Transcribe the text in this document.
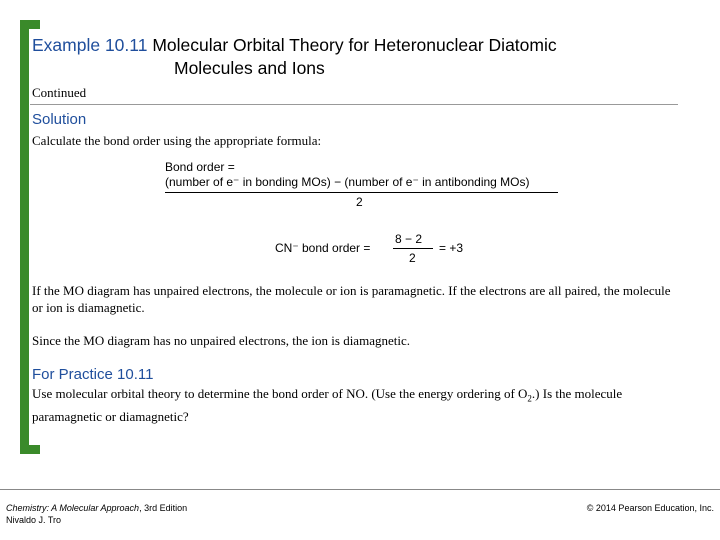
Example 10.11 Molecular Orbital Theory for Heteronuclear Diatomic
Molecules and Ions
Continued
Solution
Calculate the bond order using the appropriate formula:
Bond order =
(number of e⁻ in bonding MOs) − (number of e⁻ in antibonding MOs)
2
CN⁻ bond order =
8 − 2
2
= +3
If the MO diagram has unpaired electrons, the molecule or ion is paramagnetic. If the electrons are all paired, the molecule or ion is diamagnetic.
Since the MO diagram has no unpaired electrons, the ion is diamagnetic.
For Practice 10.11
Use molecular orbital theory to determine the bond order of NO. (Use the energy ordering of $O_2$.) Is the molecule paramagnetic or diamagnetic?
Chemistry: A Molecular Approach, 3rd Edition
Nivaldo J. Tro
© 2014 Pearson Education, Inc.
